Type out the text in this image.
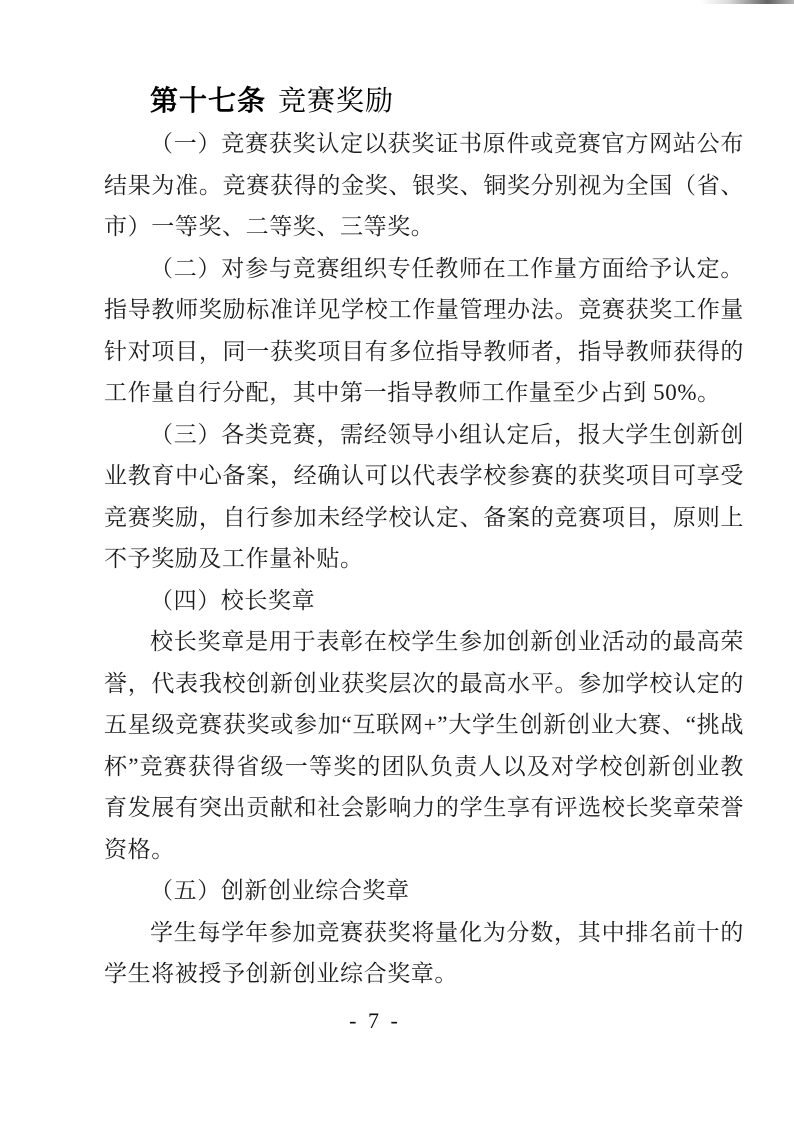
第十七条 竞赛奖励

（一）竞赛获奖认定以获奖证书原件或竞赛官方网站公布结果为准。竞赛获得的金奖、银奖、铜奖分别视为全国（省、市）一等奖、二等奖、三等奖。

（二）对参与竞赛组织专任教师在工作量方面给予认定。指导教师奖励标准详见学校工作量管理办法。竞赛获奖工作量针对项目，同一获奖项目有多位指导教师者，指导教师获得的工作量自行分配，其中第一指导教师工作量至少占到 50%。

（三）各类竞赛，需经领导小组认定后，报大学生创新创业教育中心备案，经确认可以代表学校参赛的获奖项目可享受竞赛奖励，自行参加未经学校认定、备案的竞赛项目，原则上不予奖励及工作量补贴。

（四）校长奖章

校长奖章是用于表彰在校学生参加创新创业活动的最高荣誉，代表我校创新创业获奖层次的最高水平。参加学校认定的五星级竞赛获奖或参加“互联网+”大学生创新创业大赛、“挑战杯”竞赛获得省级一等奖的团队负责人以及对学校创新创业教育发展有突出贡献和社会影响力的学生享有评选校长奖章荣誉资格。

（五）创新创业综合奖章

学生每学年参加竞赛获奖将量化为分数，其中排名前十的学生将被授予创新创业综合奖章。

- 7 -
